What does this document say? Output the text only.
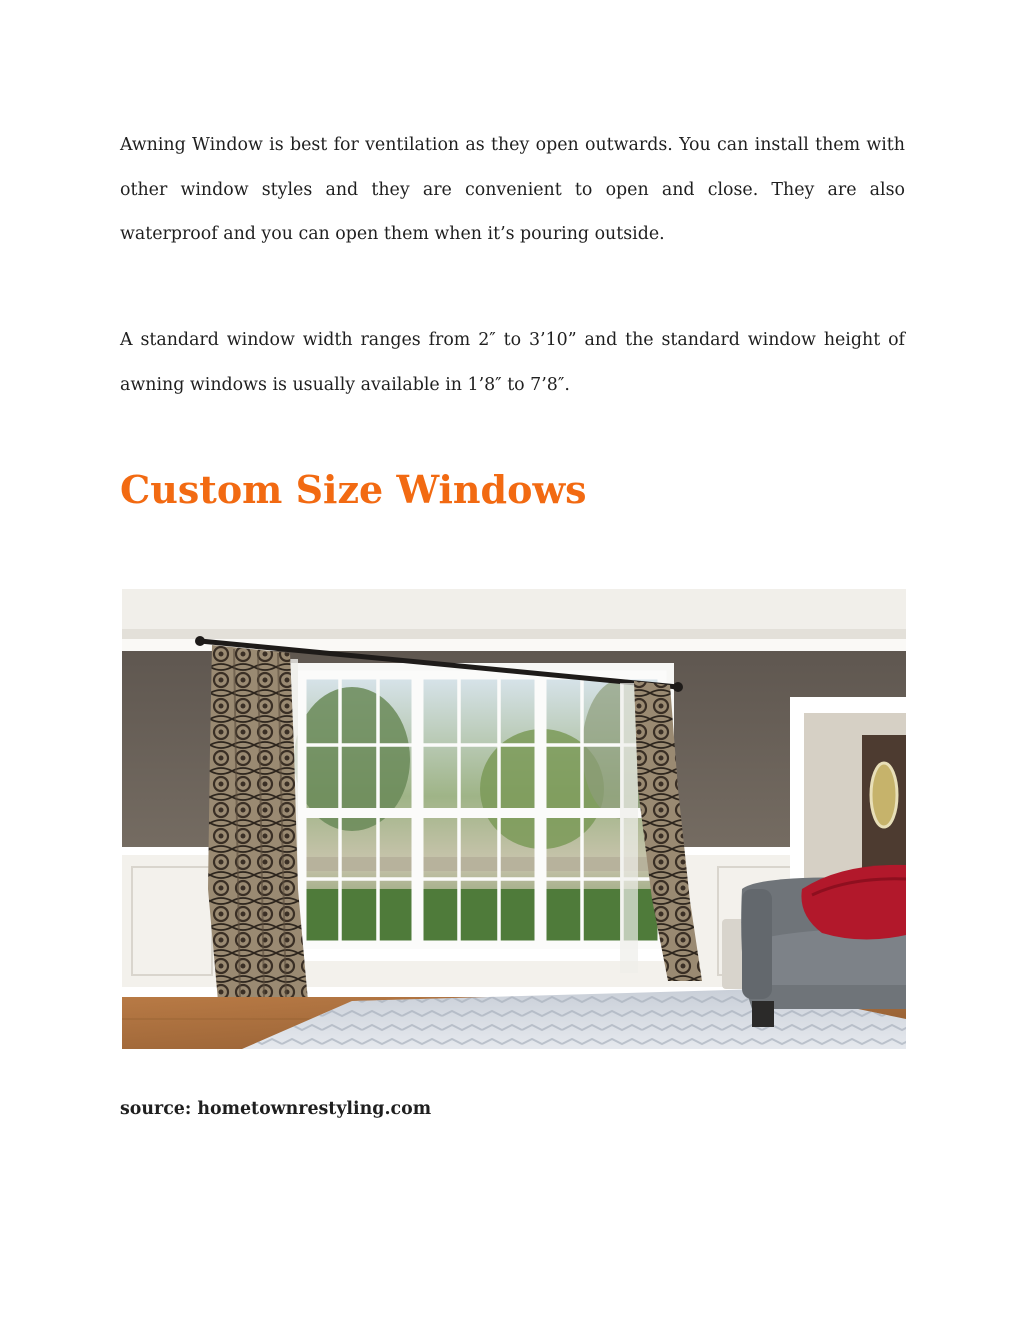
Awning Window is best for ventilation as they open outwards. You can install them with other window styles and they are convenient to open and close. They are also waterproof and you can open them when it’s pouring outside.

A standard window width ranges from 2″ to 3’10” and the standard window height of awning windows is usually available in 1’8″ to 7’8″.

Custom Size Windows

source: hometownrestyling.com
